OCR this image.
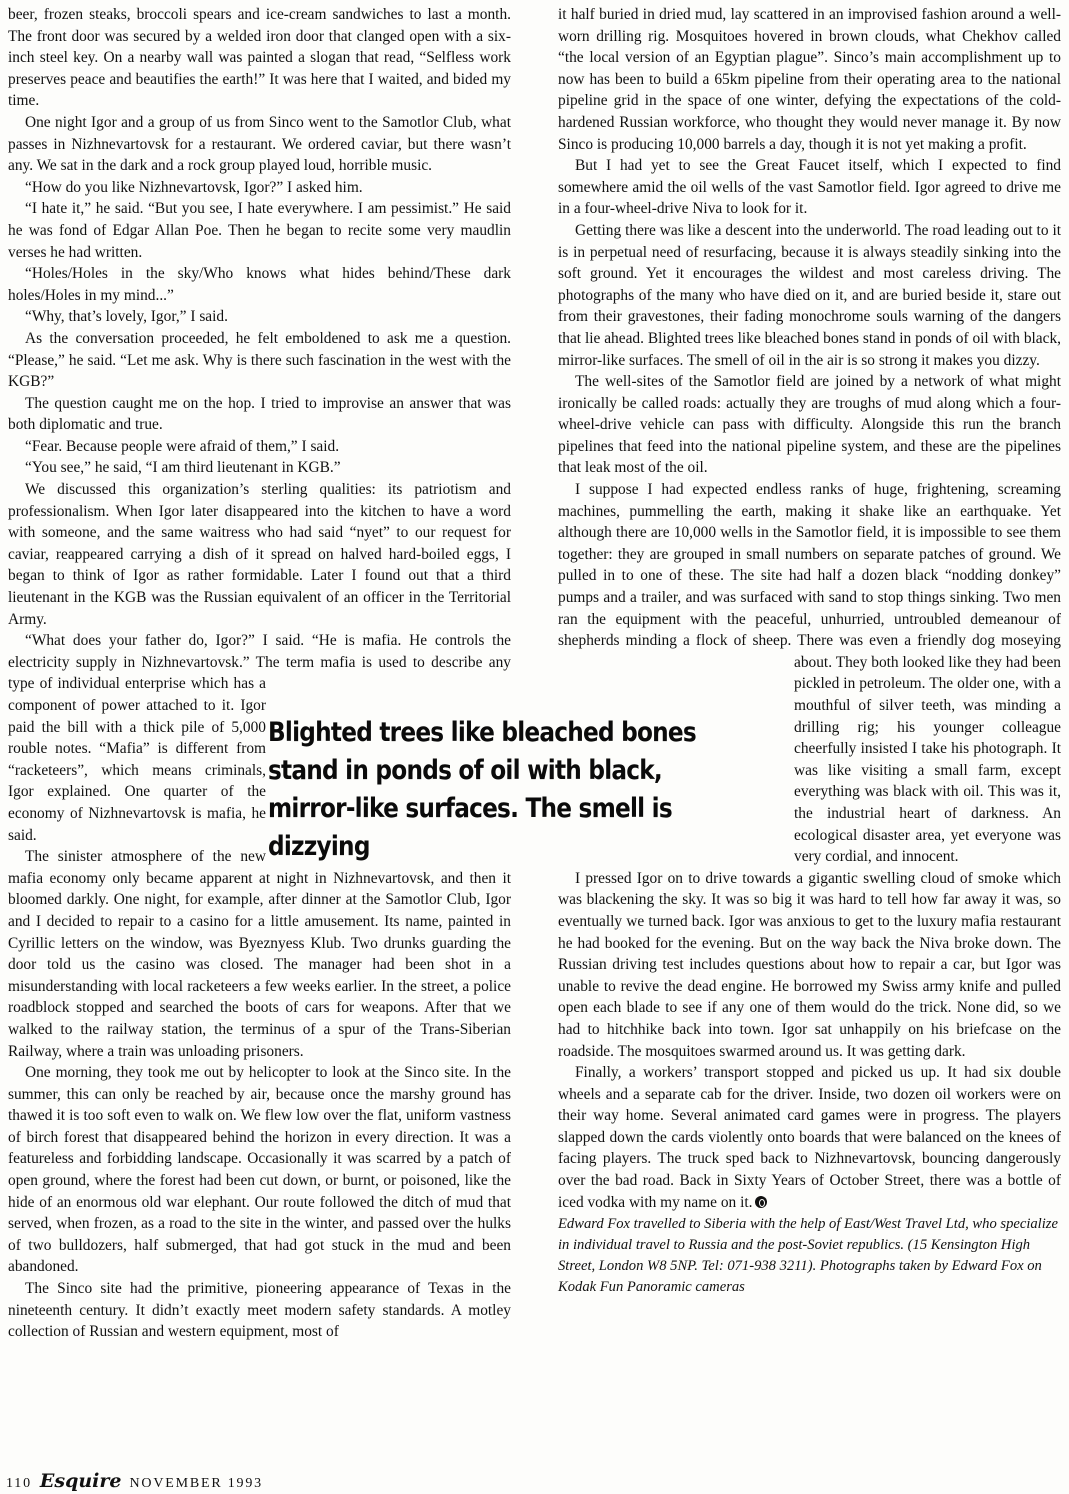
beer, frozen steaks, broccoli spears and ice-cream sandwiches to last a month. The front door was secured by a welded iron door that clanged open with a six-inch steel key. On a nearby wall was painted a slogan that read, “Selfless work preserves peace and beautifies the earth!” It was here that I waited, and bided my time.

One night Igor and a group of us from Sinco went to the Samotlor Club, what passes in Nizhnevartovsk for a restaurant. We ordered caviar, but there wasn’t any. We sat in the dark and a rock group played loud, horrible music.

“How do you like Nizhnevartovsk, Igor?” I asked him.

“I hate it,” he said. “But you see, I hate everywhere. I am pessimist.” He said he was fond of Edgar Allan Poe. Then he began to recite some very maudlin verses he had written.

“Holes/Holes in the sky/Who knows what hides behind/These dark holes/Holes in my mind...”

“Why, that’s lovely, Igor,” I said.

As the conversation proceeded, he felt emboldened to ask me a question. “Please,” he said. “Let me ask. Why is there such fascination in the west with the KGB?”

The question caught me on the hop. I tried to improvise an answer that was both diplomatic and true.

“Fear. Because people were afraid of them,” I said.

“You see,” he said, “I am third lieutenant in KGB.”

We discussed this organization’s sterling qualities: its patriotism and professionalism. When Igor later disappeared into the kitchen to have a word with someone, and the same waitress who had said “nyet” to our request for caviar, reappeared carrying a dish of it spread on halved hard-boiled eggs, I began to think of Igor as rather formidable. Later I found out that a third lieutenant in the KGB was the Russian equivalent of an officer in the Territorial Army.

“What does your father do, Igor?” I said. “He is mafia. He controls the electricity supply in Nizhnevartovsk.” The term mafia is used to describe any type of individual enterprise which has a component of power attached to it. Igor paid the bill with a thick pile of 5,000 rouble notes. “Mafia” is different from “racketeers”, which means criminals, Igor explained. One quarter of the economy of Nizhnevartovsk is mafia, he said.

The sinister atmosphere of the new mafia economy only became apparent at night in Nizhnevartovsk, and then it bloomed darkly. One night, for example, after dinner at the Samotlor Club, Igor and I decided to repair to a casino for a little amusement. Its name, painted in Cyrillic letters on the window, was Byeznyess Klub. Two drunks guarding the door told us the casino was closed. The manager had been shot in a misunderstanding with local racketeers a few weeks earlier. In the street, a police roadblock stopped and searched the boots of cars for weapons. After that we walked to the railway station, the terminus of a spur of the Trans-Siberian Railway, where a train was unloading prisoners.

One morning, they took me out by helicopter to look at the Sinco site. In the summer, this can only be reached by air, because once the marshy ground has thawed it is too soft even to walk on. We flew low over the flat, uniform vastness of birch forest that disappeared behind the horizon in every direction. It was a featureless and forbidding landscape. Occasionally it was scarred by a patch of open ground, where the forest had been cut down, or burnt, or poisoned, like the hide of an enormous old war elephant. Our route followed the ditch of mud that served, when frozen, as a road to the site in the winter, and passed over the hulks of two bulldozers, half submerged, that had got stuck in the mud and been abandoned.

The Sinco site had the primitive, pioneering appearance of Texas in the nineteenth century. It didn’t exactly meet modern safety standards. A motley collection of Russian and western equipment, most of

it half buried in dried mud, lay scattered in an improvised fashion around a well-worn drilling rig. Mosquitoes hovered in brown clouds, what Chekhov called “the local version of an Egyptian plague”. Sinco’s main accomplishment up to now has been to build a 65km pipeline from their operating area to the national pipeline grid in the space of one winter, defying the expectations of the cold-hardened Russian workforce, who thought they would never manage it. By now Sinco is producing 10,000 barrels a day, though it is not yet making a profit.

But I had yet to see the Great Faucet itself, which I expected to find somewhere amid the oil wells of the vast Samotlor field. Igor agreed to drive me in a four-wheel-drive Niva to look for it.

Getting there was like a descent into the underworld. The road leading out to it is in perpetual need of resurfacing, because it is always steadily sinking into the soft ground. Yet it encourages the wildest and most careless driving. The photographs of the many who have died on it, and are buried beside it, stare out from their gravestones, their fading monochrome souls warning of the dangers that lie ahead. Blighted trees like bleached bones stand in ponds of oil with black, mirror-like surfaces. The smell of oil in the air is so strong it makes you dizzy.

The well-sites of the Samotlor field are joined by a network of what might ironically be called roads: actually they are troughs of mud along which a four-wheel-drive vehicle can pass with difficulty. Alongside this run the branch pipelines that feed into the national pipeline system, and these are the pipelines that leak most of the oil.

I suppose I had expected endless ranks of huge, frightening, screaming machines, pummelling the earth, making it shake like an earthquake. Yet although there are 10,000 wells in the Samotlor field, it is impossible to see them together: they are grouped in small numbers on separate patches of ground. We pulled in to one of these. The site had half a dozen black “nodding donkey” pumps and a trailer, and was surfaced with sand to stop things sinking. Two men ran the equipment with the peaceful, unhurried, untroubled demeanour of shepherds minding a flock of sheep. There was even a friendly dog moseying about. They both looked like they had been pickled in petroleum. The older one, with a mouthful of silver teeth, was minding a drilling rig; his younger colleague cheerfully insisted I take his photograph. It was like visiting a small farm, except everything was black with oil. This was it, the industrial heart of darkness. An ecological disaster area, yet everyone was very cordial, and innocent.

I pressed Igor on to drive towards a gigantic swelling cloud of smoke which was blackening the sky. It was so big it was hard to tell how far away it was, so eventually we turned back. Igor was anxious to get to the luxury mafia restaurant he had booked for the evening. But on the way back the Niva broke down. The Russian driving test includes questions about how to repair a car, but Igor was unable to revive the dead engine. He borrowed my Swiss army knife and pulled open each blade to see if any one of them would do the trick. None did, so we had to hitchhike back into town. Igor sat unhappily on his briefcase on the roadside. The mosquitoes swarmed around us. It was getting dark.

Finally, a workers’ transport stopped and picked us up. It had six double wheels and a separate cab for the driver. Inside, two dozen oil workers were on their way home. Several animated card games were in progress. The players slapped down the cards violently onto boards that were balanced on the knees of facing players. The truck sped back to Nizhnevartovsk, bouncing dangerously over the bad road. Back in Sixty Years of October Street, there was a bottle of iced vodka with my name on it.

Edward Fox travelled to Siberia with the help of East/West Travel Ltd, who specialize in individual travel to Russia and the post-Soviet republics. (15 Kensington High Street, London W8 5NP. Tel: 071-938 3211). Photographs taken by Edward Fox on Kodak Fun Panoramic cameras

Blighted trees like bleached bones stand in ponds of oil with black, mirror-like surfaces. The smell is dizzying
110 Esquire NOVEMBER 1993
